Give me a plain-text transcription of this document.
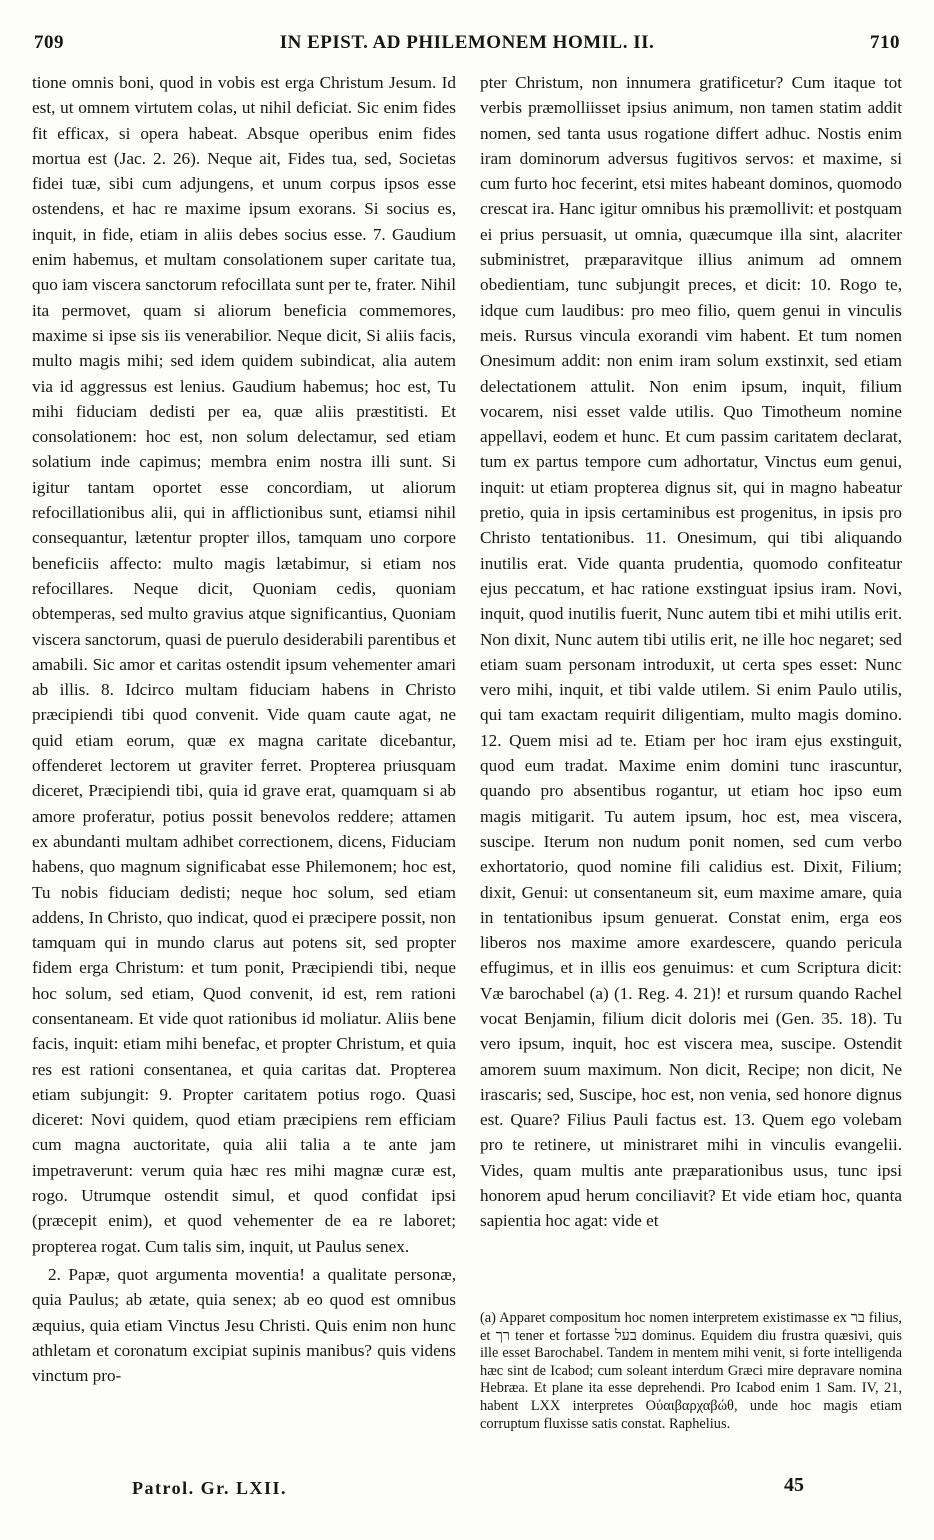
709	IN EPIST. AD PHILEMONEM HOMIL. II.	710

tione omnis boni, quod in vobis est erga Christum Jesum. Id est, ut omnem virtutem colas, ut nihil deficiat. Sic enim fides fit efficax, si opera habeat. Absque operibus enim fides mortua est (Jac. 2. 26). Neque ait, Fides tua, sed, Societas fidei tuæ, sibi cum adjungens, et unum corpus ipsos esse ostendens, et hac re maxime ipsum exorans. Si socius es, inquit, in fide, etiam in aliis debes socius esse. 7. Gaudium enim habemus, et multam consolationem super caritate tua, quo iam viscera sanctorum refocillata sunt per te, frater. Nihil ita permovet, quam si aliorum beneficia commemores, maxime si ipse sis iis venerabilior. Neque dicit, Si aliis facis, multo magis mihi; sed idem quidem subindicat, alia autem via id aggressus est lenius. Gaudium habemus; hoc est, Tu mihi fiduciam dedisti per ea, quæ aliis præstitisti. Et consolationem: hoc est, non solum delectamur, sed etiam solatium inde capimus; membra enim nostra illi sunt. Si igitur tantam oportet esse concordiam, ut aliorum refocillationibus alii, qui in afflictionibus sunt, etiamsi nihil consequantur, lætentur propter illos, tamquam uno corpore beneficiis affecto: multo magis lætabimur, si etiam nos refocillares. Neque dicit, Quoniam cedis, quoniam obtemperas, sed multo gravius atque significantius, Quoniam viscera sanctorum, quasi de puerulo desiderabili parentibus et amabili. Sic amor et caritas ostendit ipsum vehementer amari ab illis. 8. Idcirco multam fiduciam habens in Christo præcipiendi tibi quod convenit. Vide quam caute agat, ne quid etiam eorum, quæ ex magna caritate dicebantur, offenderet lectorem ut graviter ferret. Propterea priusquam diceret, Præcipiendi tibi, quia id grave erat, quamquam si ab amore proferatur, potius possit benevolos reddere; attamen ex abundanti multam adhibet correctionem, dicens, Fiduciam habens, quo magnum significabat esse Philemonem; hoc est, Tu nobis fiduciam dedisti; neque hoc solum, sed etiam addens, In Christo, quo indicat, quod ei præcipere possit, non tamquam qui in mundo clarus aut potens sit, sed propter fidem erga Christum: et tum ponit, Præcipiendi tibi, neque hoc solum, sed etiam, Quod convenit, id est, rem rationi consentaneam. Et vide quot rationibus id moliatur. Aliis bene facis, inquit: etiam mihi benefac, et propter Christum, et quia res est rationi consentanea, et quia caritas dat. Propterea etiam subjungit: 9. Propter caritatem potius rogo. Quasi diceret: Novi quidem, quod etiam præcipiens rem efficiam cum magna auctoritate, quia alii talia a te ante jam impetraverunt: verum quia hæc res mihi magnæ curæ est, rogo. Utrumque ostendit simul, et quod confidat ipsi (præcepit enim), et quod vehementer de ea re laboret; propterea rogat. Cum talis sim, inquit, ut Paulus senex.

2. Papæ, quot argumenta moventia! a qualitate personæ, quia Paulus; ab ætate, quia senex; ab eo quod est omnibus æquius, quia etiam Vinctus Jesu Christi. Quis enim non hunc athletam et coronatum excipiat supinis manibus? quis videns vinctum pro-

pter Christum, non innumera gratificetur? Cum itaque tot verbis præmolliisset ipsius animum, non tamen statim addit nomen, sed tanta usus rogatione differt adhuc. Nostis enim iram dominorum adversus fugitivos servos: et maxime, si cum furto hoc fecerint, etsi mites habeant dominos, quomodo crescat ira. Hanc igitur omnibus his præmollivit: et postquam ei prius persuasit, ut omnia, quæcumque illa sint, alacriter subministret, præparavitque illius animum ad omnem obedientiam, tunc subjungit preces, et dicit: 10. Rogo te, idque cum laudibus: pro meo filio, quem genui in vinculis meis. Rursus vincula exorandi vim habent. Et tum nomen Onesimum addit: non enim iram solum exstinxit, sed etiam delectationem attulit. Non enim ipsum, inquit, filium vocarem, nisi esset valde utilis. Quo Timotheum nomine appellavi, eodem et hunc. Et cum passim caritatem declarat, tum ex partus tempore cum adhortatur, Vinctus eum genui, inquit: ut etiam propterea dignus sit, qui in magno habeatur pretio, quia in ipsis certaminibus est progenitus, in ipsis pro Christo tentationibus. 11. Onesimum, qui tibi aliquando inutilis erat. Vide quanta prudentia, quomodo confiteatur ejus peccatum, et hac ratione exstinguat ipsius iram. Novi, inquit, quod inutilis fuerit, Nunc autem tibi et mihi utilis erit. Non dixit, Nunc autem tibi utilis erit, ne ille hoc negaret; sed etiam suam personam introduxit, ut certa spes esset: Nunc vero mihi, inquit, et tibi valde utilem. Si enim Paulo utilis, qui tam exactam requirit diligentiam, multo magis domino. 12. Quem misi ad te. Etiam per hoc iram ejus exstinguit, quod eum tradat. Maxime enim domini tunc irascuntur, quando pro absentibus rogantur, ut etiam hoc ipso eum magis mitigarit. Tu autem ipsum, hoc est, mea viscera, suscipe. Iterum non nudum ponit nomen, sed cum verbo exhortatorio, quod nomine fili calidius est. Dixit, Filium; dixit, Genui: ut consentaneum sit, eum maxime amare, quia in tentationibus ipsum genuerat. Constat enim, erga eos liberos nos maxime amore exardescere, quando pericula effugimus, et in illis eos genuimus: et cum Scriptura dicit: Væ barochabel (a) (1. Reg. 4. 21)! et rursum quando Rachel vocat Benjamin, filium dicit doloris mei (Gen. 35. 18). Tu vero ipsum, inquit, hoc est viscera mea, suscipe. Ostendit amorem suum maximum. Non dicit, Recipe; non dicit, Ne irascaris; sed, Suscipe, hoc est, non venia, sed honore dignus est. Quare? Filius Pauli factus est. 13. Quem ego volebam pro te retinere, ut ministraret mihi in vinculis evangelii. Vides, quam multis ante præparationibus usus, tunc ipsi honorem apud herum conciliavit? Et vide etiam hoc, quanta sapientia hoc agat: vide et

(a) Apparet compositum hoc nomen interpretem existimasse ex בר filius, et רך tener et fortasse בעל dominus. Equidem diu frustra quæsivi, quis ille esset Barochabel. Tandem in mentem mihi venit, si forte intelligenda hæc sint de Icabod; cum soleant interdum Græci mire depravare nomina Hebræa. Et plane ita esse deprehendi. Pro Icabod enim 1 Sam. IV, 21, habent LXX interpretes Οὐαιβαρχαβώθ, unde hoc magis etiam corruptum fluxisse satis constat. Raphelius.

Patrol. Gr. LXII.	45
